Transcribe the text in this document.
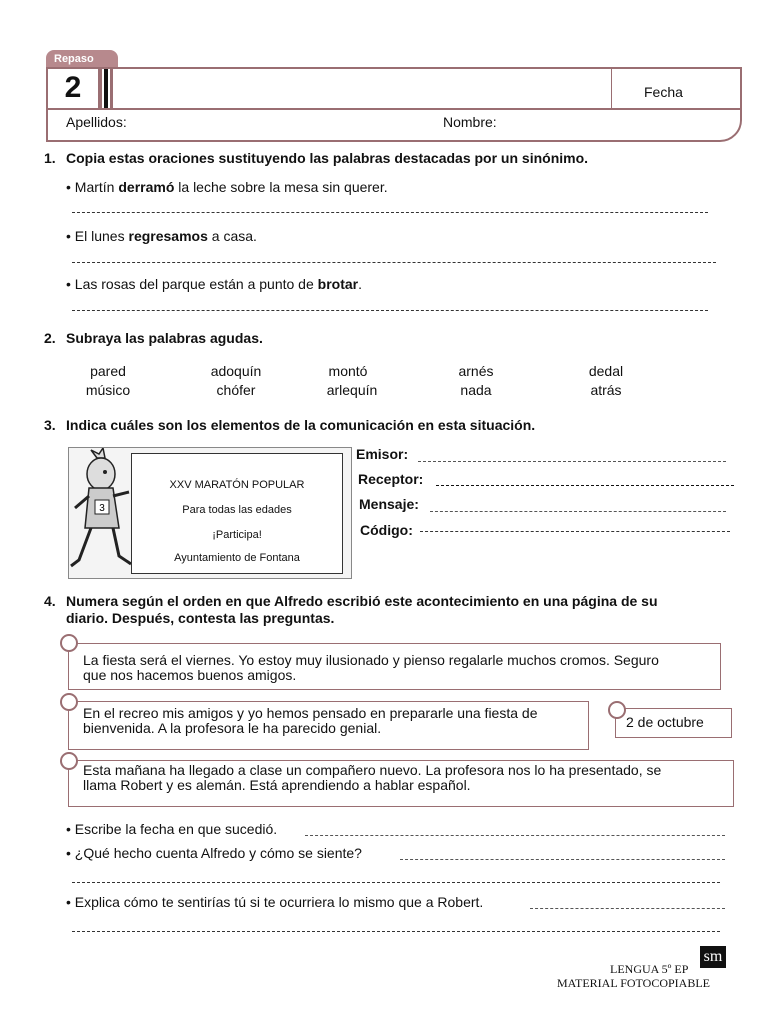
Repaso
2	Fecha
Apellidos:	Nombre:
1. Copia estas oraciones sustituyendo las palabras destacadas por un sinónimo.
• Martín derramó la leche sobre la mesa sin querer.
• El lunes regresamos a casa.
• Las rosas del parque están a punto de brotar.
2. Subraya las palabras agudas.
pared	adoquín	montó	arnés	dedal
músico	chófer	arlequín	nada	atrás
3. Indica cuáles son los elementos de la comunicación en esta situación.
3
XXV MARATÓN POPULAR
Para todas las edades
¡Participa!
Ayuntamiento de Fontana
Emisor:
Receptor:
Mensaje:
Código:
4. Numera según el orden en que Alfredo escribió este acontecimiento en una página de su
diario. Después, contesta las preguntas.
La fiesta será el viernes. Yo estoy muy ilusionado y pienso regalarle muchos cromos. Seguro
que nos hacemos buenos amigos.
En el recreo mis amigos y yo hemos pensado en prepararle una fiesta de
bienvenida. A la profesora le ha parecido genial.	2 de octubre
Esta mañana ha llegado a clase un compañero nuevo. La profesora nos lo ha presentado, se
llama Robert y es alemán. Está aprendiendo a hablar español.
• Escribe la fecha en que sucedió.
• ¿Qué hecho cuenta Alfredo y cómo se siente?
• Explica cómo te sentirías tú si te ocurriera lo mismo que a Robert.
LENGUA 5º EP
MATERIAL FOTOCOPIABLE
sm
